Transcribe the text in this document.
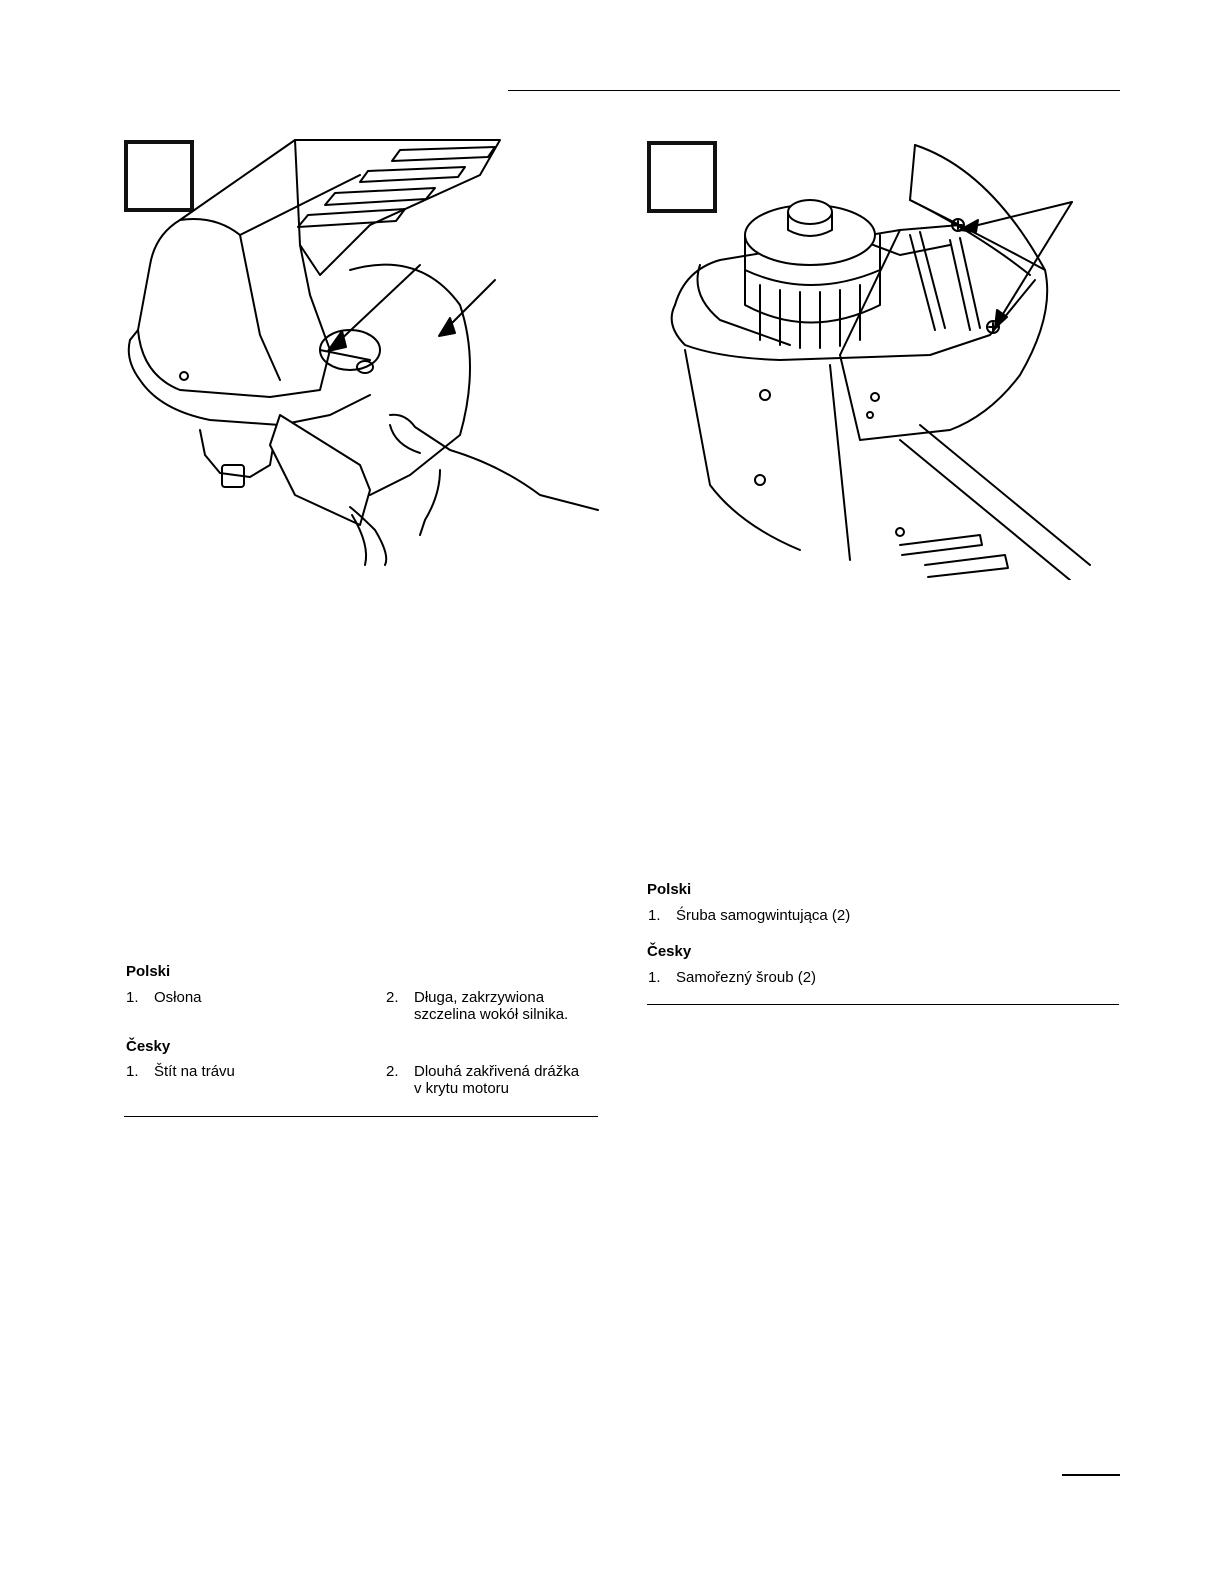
Polski
1. Osłona	2. Długa, zakrzywiona
szczelina wokół silnika.
Česky
1. Štít na trávu	2. Dlouhá zakřivená drážka
v krytu motoru
Polski
1. Śruba samogwintująca (2)
Česky
1. Samořezný šroub (2)
